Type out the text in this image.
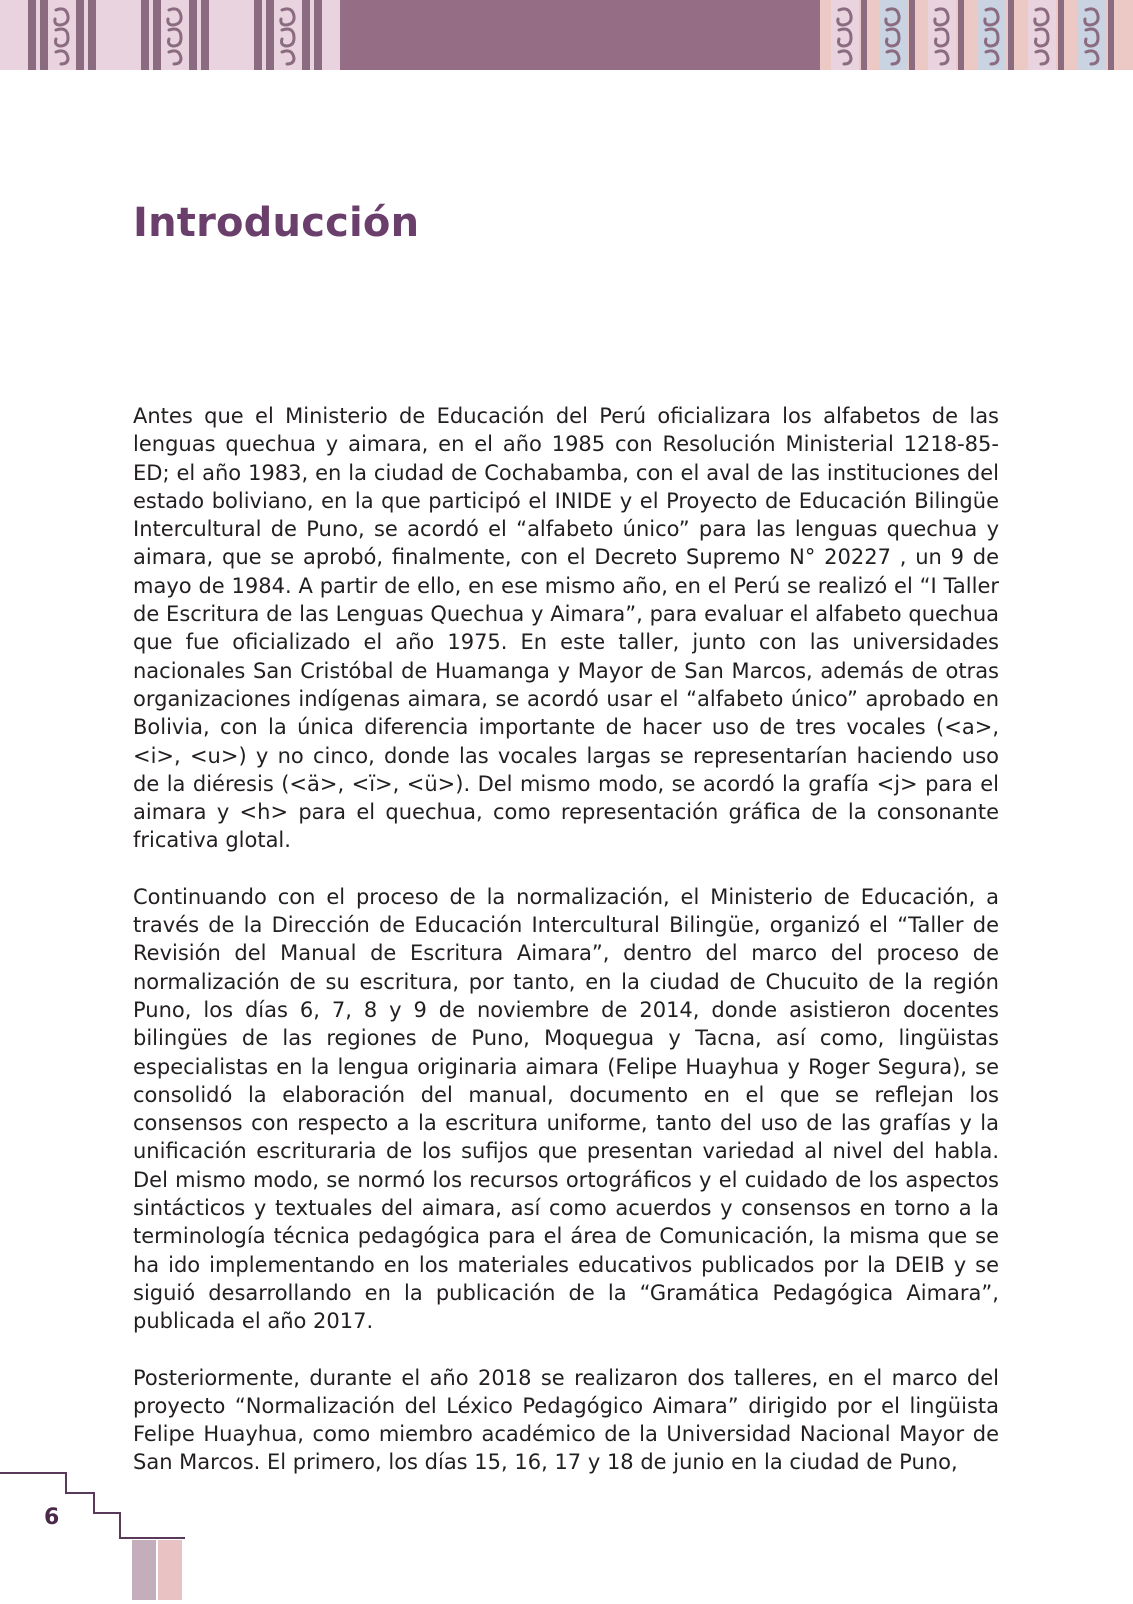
Introducción

Antes que el Ministerio de Educación del Perú oficializara los alfabetos de las lenguas quechua y aimara, en el año 1985 con Resolución Ministerial 1218-85-ED; el año 1983, en la ciudad de Cochabamba, con el aval de las instituciones del estado boliviano, en la que participó el INIDE y el Proyecto de Educación Bilingüe Intercultural de Puno, se acordó el “alfabeto único” para las lenguas quechua y aimara, que se aprobó, finalmente, con el Decreto Supremo N° 20227 , un 9 de mayo de 1984. A partir de ello, en ese mismo año, en el Perú se realizó el “I Taller de Escritura de las Lenguas Quechua y Aimara”, para evaluar el alfabeto quechua que fue oficializado el año 1975. En este taller, junto con las universidades nacionales San Cristóbal de Huamanga y Mayor de San Marcos, además de otras organizaciones indígenas aimara, se acordó usar el “alfabeto único” aprobado en Bolivia, con la única diferencia importante de hacer uso de tres vocales (<a>, <i>, <u>) y no cinco, donde las vocales largas se representarían haciendo uso de la diéresis (<ä>, <ï>, <ü>). Del mismo modo, se acordó la grafía <j> para el aimara y <h> para el quechua, como representación gráfica de la consonante fricativa glotal.

Continuando con el proceso de la normalización, el Ministerio de Educación, a través de la Dirección de Educación Intercultural Bilingüe, organizó el “Taller de Revisión del Manual de Escritura Aimara”, dentro del marco del proceso de normalización de su escritura, por tanto, en la ciudad de Chucuito de la región Puno, los días 6, 7, 8 y 9 de noviembre de 2014, donde asistieron docentes bilingües de las regiones de Puno, Moquegua y Tacna, así como, lingüistas especialistas en la lengua originaria aimara (Felipe Huayhua y Roger Segura), se consolidó la elaboración del manual, documento en el que se reflejan los consensos con respecto a la escritura uniforme, tanto del uso de las grafías y la unificación escrituraria de los sufijos que presentan variedad al nivel del habla. Del mismo modo, se normó los recursos ortográficos y el cuidado de los aspectos sintácticos y textuales del aimara, así como acuerdos y consensos en torno a la terminología técnica pedagógica para el área de Comunicación, la misma que se ha ido implementando en los materiales educativos publicados por la DEIB y se siguió desarrollando en la publicación de la “Gramática Pedagógica Aimara”, publicada el año 2017.

Posteriormente, durante el año 2018 se realizaron dos talleres, en el marco del proyecto “Normalización del Léxico Pedagógico Aimara” dirigido por el lingüista Felipe Huayhua, como miembro académico de la Universidad Nacional Mayor de San Marcos. El primero, los días 15, 16, 17 y 18 de junio en la ciudad de Puno,

6
